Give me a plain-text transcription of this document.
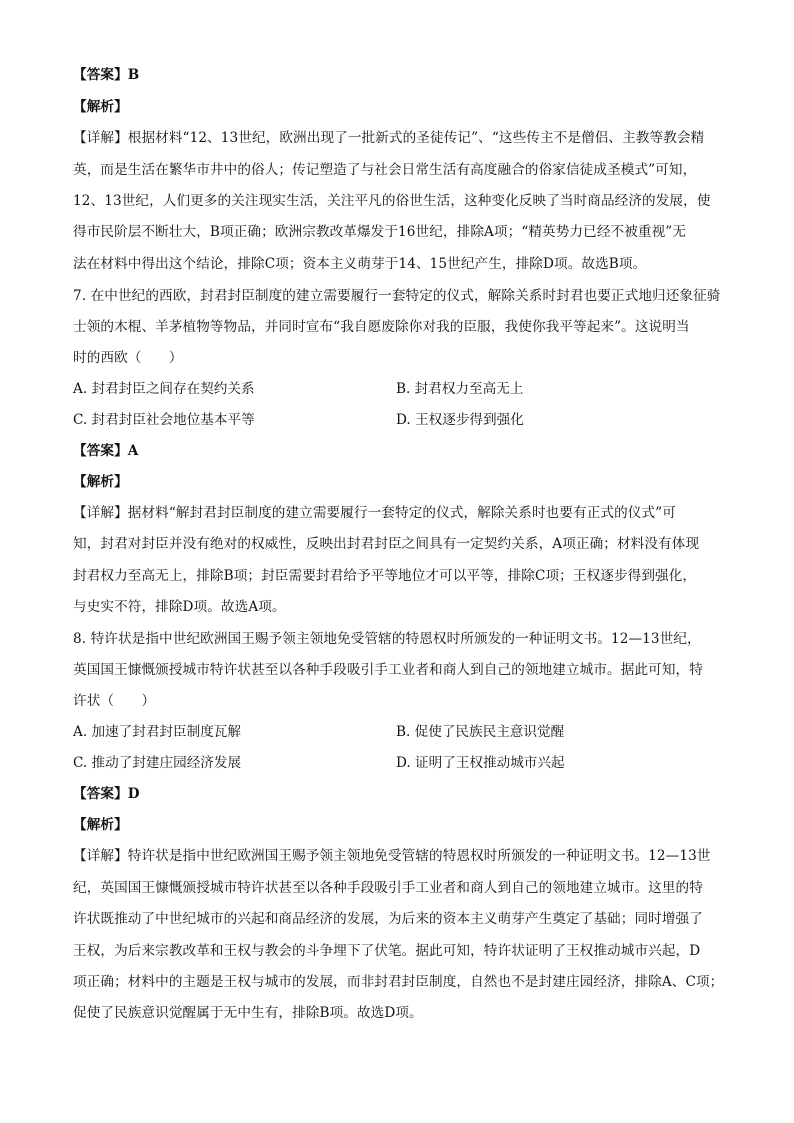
【答案】B
【解析】
【详解】根据材料“12、13世纪，欧洲出现了一批新式的圣徒传记”、“这些传主不是僧侣、主教等教会精
英，而是生活在繁华市井中的俗人；传记塑造了与社会日常生活有高度融合的俗家信徒成圣模式”可知，
12、13世纪，人们更多的关注现实生活，关注平凡的俗世生活，这种变化反映了当时商品经济的发展，使
得市民阶层不断壮大，B项正确；欧洲宗教改革爆发于16世纪，排除A项；“精英势力已经不被重视”无
法在材料中得出这个结论，排除C项；资本主义萌芽于14、15世纪产生，排除D项。故选B项。
7. 在中世纪的西欧，封君封臣制度的建立需要履行一套特定的仪式，解除关系时封君也要正式地归还象征骑
士领的木棍、羊茅植物等物品，并同时宣布“我自愿废除你对我的臣服，我使你我平等起来”。这说明当
时的西欧（　　）
A. 封君封臣之间存在契约关系	B. 封君权力至高无上
C. 封君封臣社会地位基本平等	D. 王权逐步得到强化
【答案】A
【解析】
【详解】据材料“解封君封臣制度的建立需要履行一套特定的仪式，解除关系时也要有正式的仪式”可
知，封君对封臣并没有绝对的权威性，反映出封君封臣之间具有一定契约关系，A项正确；材料没有体现
封君权力至高无上，排除B项；封臣需要封君给予平等地位才可以平等，排除C项；王权逐步得到强化，
与史实不符，排除D项。故选A项。
8. 特许状是指中世纪欧洲国王赐予领主领地免受管辖的特恩权时所颁发的一种证明文书。12—13世纪，
英国国王慷慨颁授城市特许状甚至以各种手段吸引手工业者和商人到自己的领地建立城市。据此可知，特
许状（　　）
A. 加速了封君封臣制度瓦解	B. 促使了民族民主意识觉醒
C. 推动了封建庄园经济发展	D. 证明了王权推动城市兴起
【答案】D
【解析】
【详解】特许状是指中世纪欧洲国王赐予领主领地免受管辖的特恩权时所颁发的一种证明文书。12—13世
纪，英国国王慷慨颁授城市特许状甚至以各种手段吸引手工业者和商人到自己的领地建立城市。这里的特
许状既推动了中世纪城市的兴起和商品经济的发展，为后来的资本主义萌芽产生奠定了基础；同时增强了
王权，为后来宗教改革和王权与教会的斗争埋下了伏笔。据此可知，特许状证明了王权推动城市兴起，D
项正确；材料中的主题是王权与城市的发展，而非封君封臣制度，自然也不是封建庄园经济，排除A、C项；
促使了民族意识觉醒属于无中生有，排除B项。故选D项。
